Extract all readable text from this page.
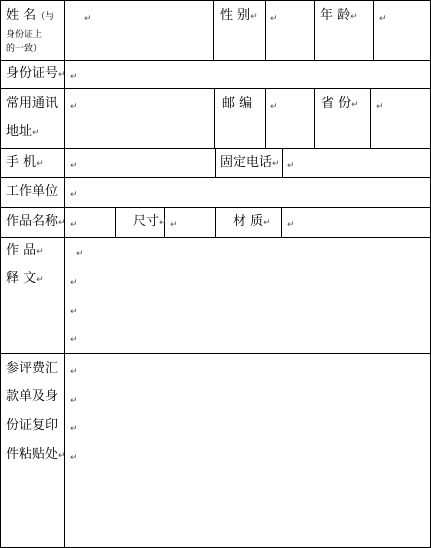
姓 名（与
身份证上
的一致）
↵	性 别↵ ↵	年 龄↵ ↵
身份证号↵ ↵
常用通讯
地址↵
↵	邮 编 ↵	省 份↵ ↵
手 机↵	↵	固定电话↵ ↵
工作单位 ↵
作品名称↵ ↵	尺寸↵ ↵	材 质↵ ↵
作 品↵
释 文↵
↵
↵
↵
↵
参评费汇
款单及身
份证复印
件粘贴处↵
↵
↵
↵
↵
